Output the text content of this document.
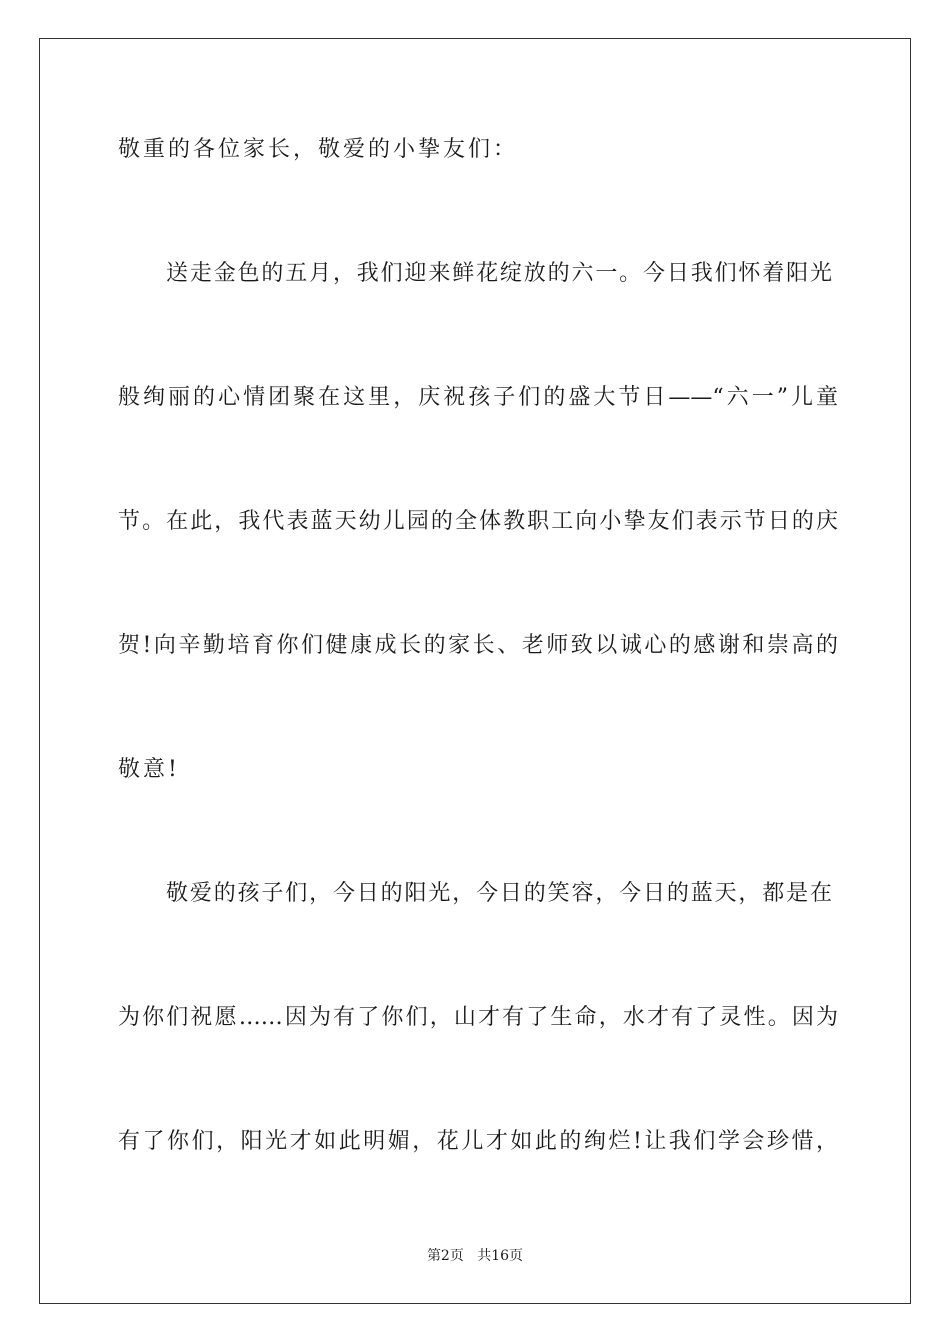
敬重的各位家长，敬爱的小挚友们：
送走金色的五月，我们迎来鲜花绽放的六一。今日我们怀着阳光
般绚丽的心情团聚在这里，庆祝孩子们的盛大节日——“六一”儿童
节。在此，我代表蓝天幼儿园的全体教职工向小挚友们表示节日的庆
贺!向辛勤培育你们健康成长的家长、老师致以诚心的感谢和崇高的
敬意!
敬爱的孩子们，今日的阳光，今日的笑容，今日的蓝天，都是在
为你们祝愿……因为有了你们，山才有了生命，水才有了灵性。因为
有了你们，阳光才如此明媚，花儿才如此的绚烂!让我们学会珍惜，
第2页 共16页
